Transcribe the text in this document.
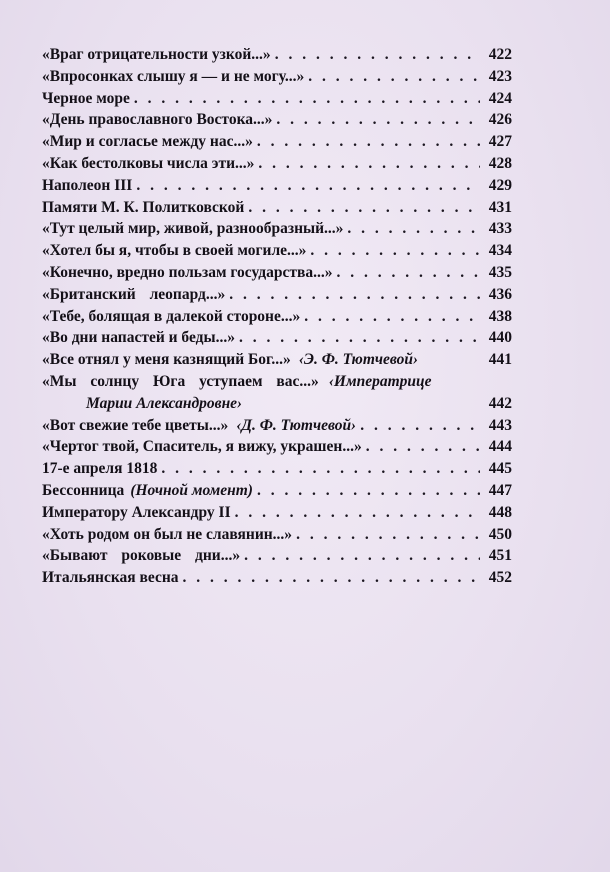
«Враг отрицательности узкой...» . . .	422
«Впросонках слышу я — и не могу...» . . .	423
Черное море . . .	424
«День православного Востока...» . . .	426
«Мир и согласье между нас...» . . .	427
«Как бестолковы числа эти...» . . .	428
Наполеон III . . .	429
Памяти М. К. Политковской . . .	431
«Тут целый мир, живой, разнообразный...» . . .	433
«Хотел бы я, чтобы в своей могиле...» . . .	434
«Конечно, вредно пользам государства...» . . .	435
«Британский леопард...» . . .	436
«Тебе, болящая в далекой стороне...» . . .	438
«Во дни напастей и беды...» . . .	440
«Все отнял у меня казнящий Бог...» ‹Э. Ф. Тютчевой›	441
«Мы солнцу Юга уступаем вас...» ‹Императрице
Марии Александровне›	442
«Вот свежие тебе цветы...» ‹Д. Ф. Тютчевой› . . .	443
«Чертог твой, Спаситель, я вижу, украшен...» . . .	444
17-е апреля 1818 . . .	445
Бессонница (Ночной момент) . . .	447
Императору Александру II . . .	448
«Хоть родом он был не славянин...» . . .	450
«Бывают роковые дни...» . . .	451
Итальянская весна . . .	452
